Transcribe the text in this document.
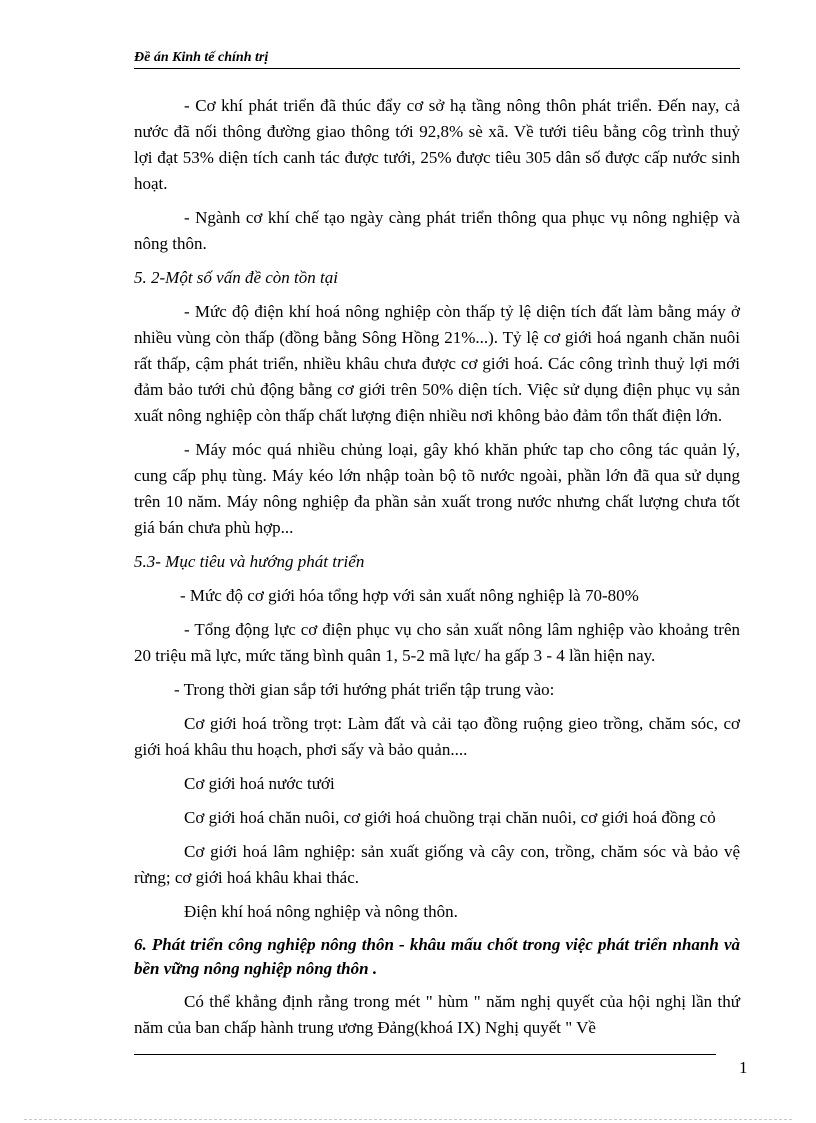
Đề án Kinh tế chính trị

- Cơ khí phát triển đã thúc đẩy cơ sở hạ tầng nông thôn phát triển. Đến nay, cả nước đã nối thông đường giao thông tới 92,8% sè xã. Về tưới tiêu bằng côg trình thuỷ lợi đạt 53% diện tích canh tác được tưới, 25% được tiêu 305 dân số được cấp nước sinh hoạt.

- Ngành cơ khí chế tạo ngày càng phát triển thông qua phục vụ nông nghiệp và nông thôn.

5. 2-Một số vấn đề còn tồn tại

- Mức độ điện khí hoá nông nghiệp còn thấp tỷ lệ diện tích đất làm bằng máy ở nhiều vùng còn thấp (đồng bằng Sông Hồng 21%...). Tỷ lệ cơ giới hoá nganh chăn nuôi rất thấp, cậm phát triển, nhiều khâu chưa được cơ giới hoá. Các công trình thuỷ lợi mới đảm bảo tưới chủ động bằng cơ giới trên 50% diện tích. Việc sử dụng điện phục vụ sản xuất nông nghiệp còn thấp chất lượng điện nhiều nơi không bảo đảm tổn thất điện lớn.

- Máy móc quá nhiều chủng loại, gây khó khăn phức tap cho công tác quản lý, cung cấp phụ tùng. Máy kéo lớn nhập toàn bộ tõ nước ngoài, phần lớn đã qua sử dụng trên 10 năm. Máy nông nghiệp đa phần sản xuất trong nước nhưng chất lượng chưa tốt giá bán chưa phù hợp...

5.3- Mục tiêu và hướng phát triển

- Mức độ cơ giới hóa tổng hợp với sản xuất nông nghiệp là 70-80%

- Tổng động lực cơ điện phục vụ cho sản xuất nông lâm nghiệp vào khoảng trên 20 triệu mã lực, mức tăng bình quân 1, 5-2 mã lực/ ha gấp 3 - 4 lần hiện nay.

- Trong thời gian sắp tới hướng phát triển tập trung vào:

Cơ giới hoá trồng trọt: Làm đất và cải tạo đồng ruộng gieo trồng, chăm sóc, cơ giới hoá khâu thu hoạch, phơi sấy và bảo quản....

Cơ giới hoá nước tưới

Cơ giới hoá chăn nuôi, cơ giới hoá chuồng trại chăn nuôi, cơ giới hoá đồng cỏ

Cơ giới hoá lâm nghiệp: sản xuất giống và cây con, trồng, chăm sóc và bảo vệ rừng; cơ giới hoá khâu khai thác.

Điện khí hoá nông nghiệp và nông thôn.

6. Phát triển công nghiệp nông thôn - khâu mấu chốt trong việc phát triển nhanh và bền vững nông nghiệp nông thôn .

Có thể khẳng định rằng trong mét " hùm " năm nghị quyết của hội nghị lần thứ năm của ban chấp hành trung ương Đảng(khoá IX) Nghị quyết " Về

1
